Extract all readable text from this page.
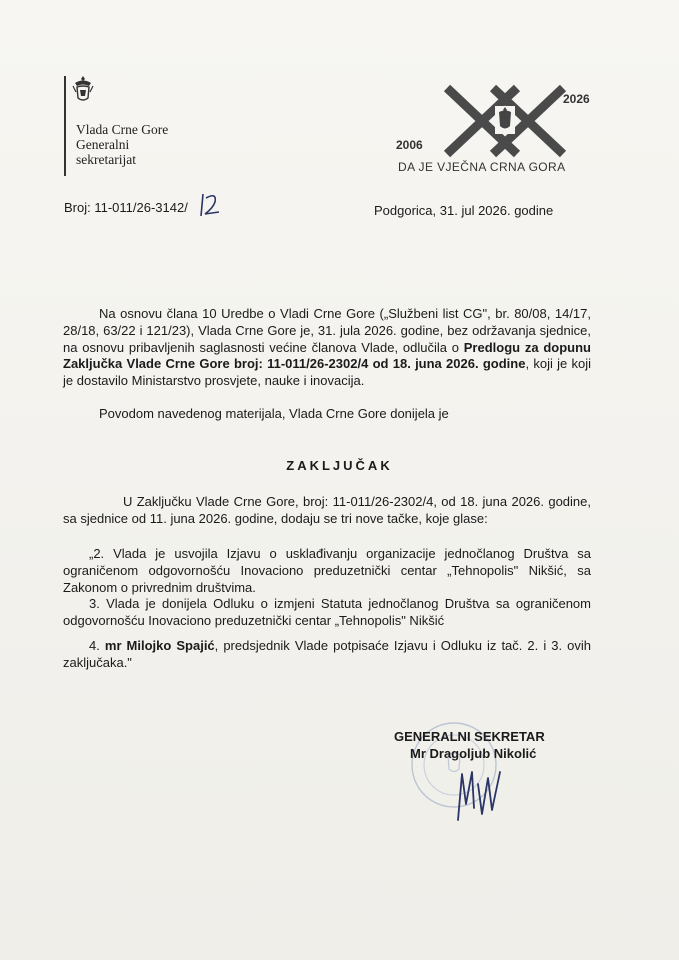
Vlada Crne Gore
Generalni
sekretarijat
2026
2006
DA JE VJEČNA CRNA GORA
Broj: 11-011/26-3142/	Podgorica, 31. jul 2026. godine
Na osnovu člana 10 Uredbe o Vladi Crne Gore („Službeni list CG", br. 80/08, 14/17, 28/18, 63/22 i 121/23), Vlada Crne Gore je, 31. jula 2026. godine, bez održavanja sjednice, na osnovu pribavljenih saglasnosti većine članova Vlade, odlučila o Predlogu za dopunu Zaključka Vlade Crne Gore broj: 11-011/26-2302/4 od 18. juna 2026. godine, koji je koji je dostavilo Ministarstvo prosvjete, nauke i inovacija.
Povodom navedenog materijala, Vlada Crne Gore donijela je
ZAKLJUČAK
U Zaključku Vlade Crne Gore, broj: 11-011/26-2302/4, od 18. juna 2026. godine, sa sjednice od 11. juna 2026. godine, dodaju se tri nove tačke, koje glase:

„2. Vlada je usvojila Izjavu o usklađivanju organizacije jednočlanog Društva sa ograničenom odgovornošću Inovaciono preduzetnički centar „Tehnopolis" Nikšić, sa Zakonom o privrednim društvima.

3. Vlada je donijela Odluku o izmjeni Statuta jednočlanog Društva sa ograničenom odgovornošću Inovaciono preduzetnički centar „Tehnopolis" Nikšić

4. mr Milojko Spajić, predsjednik Vlade potpisaće Izjavu i Odluku iz tač. 2. i 3. ovih zaključaka."

GENERALNI SEKRETAR
Mr Dragoljub Nikolić
